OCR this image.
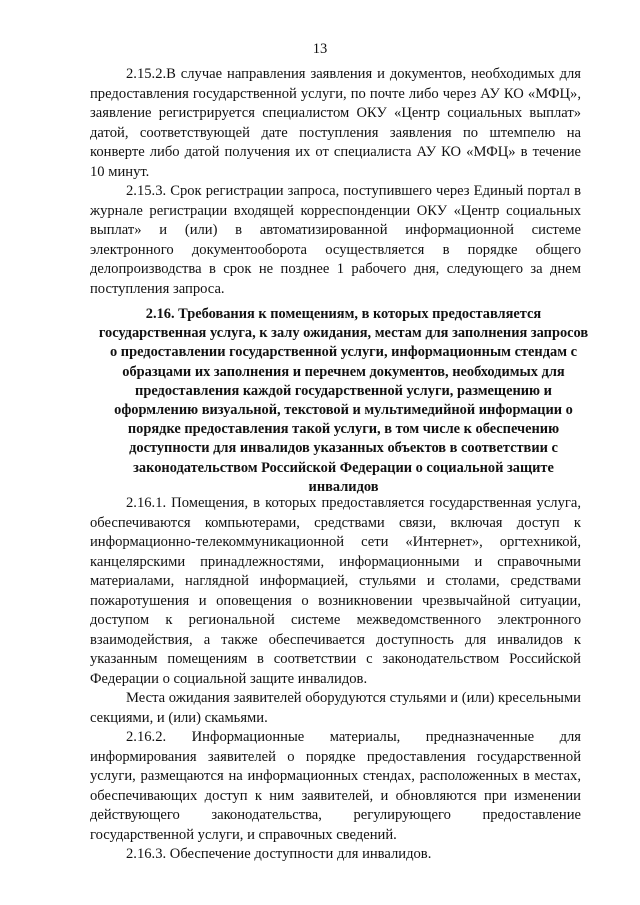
13

2.15.2.В случае направления заявления и документов, необходимых для предоставления государственной услуги, по почте либо через АУ КО «МФЦ», заявление регистрируется специалистом ОКУ «Центр социальных выплат» датой, соответствующей дате поступления заявления по штемпелю на конверте либо датой получения их от специалиста АУ КО «МФЦ» в течение 10 минут.

2.15.3. Срок регистрации запроса, поступившего через Единый портал в журнале регистрации входящей корреспонденции ОКУ «Центр социальных выплат» и (или) в автоматизированной информационной системе электронного документооборота осуществляется в порядке общего делопроизводства в срок не позднее 1 рабочего дня, следующего за днем поступления запроса.

2.16. Требования к помещениям, в которых предоставляется государственная услуга, к залу ожидания, местам для заполнения запросов о предоставлении государственной услуги, информационным стендам с образцами их заполнения и перечнем документов, необходимых для предоставления каждой государственной услуги, размещению и оформлению визуальной, текстовой и мультимедийной информации о порядке предоставления такой услуги, в том числе к обеспечению доступности для инвалидов указанных объектов в соответствии с законодательством Российской Федерации о социальной защите инвалидов

2.16.1. Помещения, в которых предоставляется государственная услуга, обеспечиваются компьютерами, средствами связи, включая доступ к информационно-телекоммуникационной сети «Интернет», оргтехникой, канцелярскими принадлежностями, информационными и справочными материалами, наглядной информацией, стульями и столами, средствами пожаротушения и оповещения о возникновении чрезвычайной ситуации, доступом к региональной системе межведомственного электронного взаимодействия, а также обеспечивается доступность для инвалидов к указанным помещениям в соответствии с законодательством Российской Федерации о социальной защите инвалидов.

Места ожидания заявителей оборудуются стульями и (или) кресельными секциями, и (или) скамьями.

2.16.2. Информационные материалы, предназначенные для информирования заявителей о порядке предоставления государственной услуги, размещаются на информационных стендах, расположенных в местах, обеспечивающих доступ к ним заявителей, и обновляются при изменении действующего законодательства, регулирующего предоставление государственной услуги, и справочных сведений.

2.16.3. Обеспечение доступности для инвалидов.
